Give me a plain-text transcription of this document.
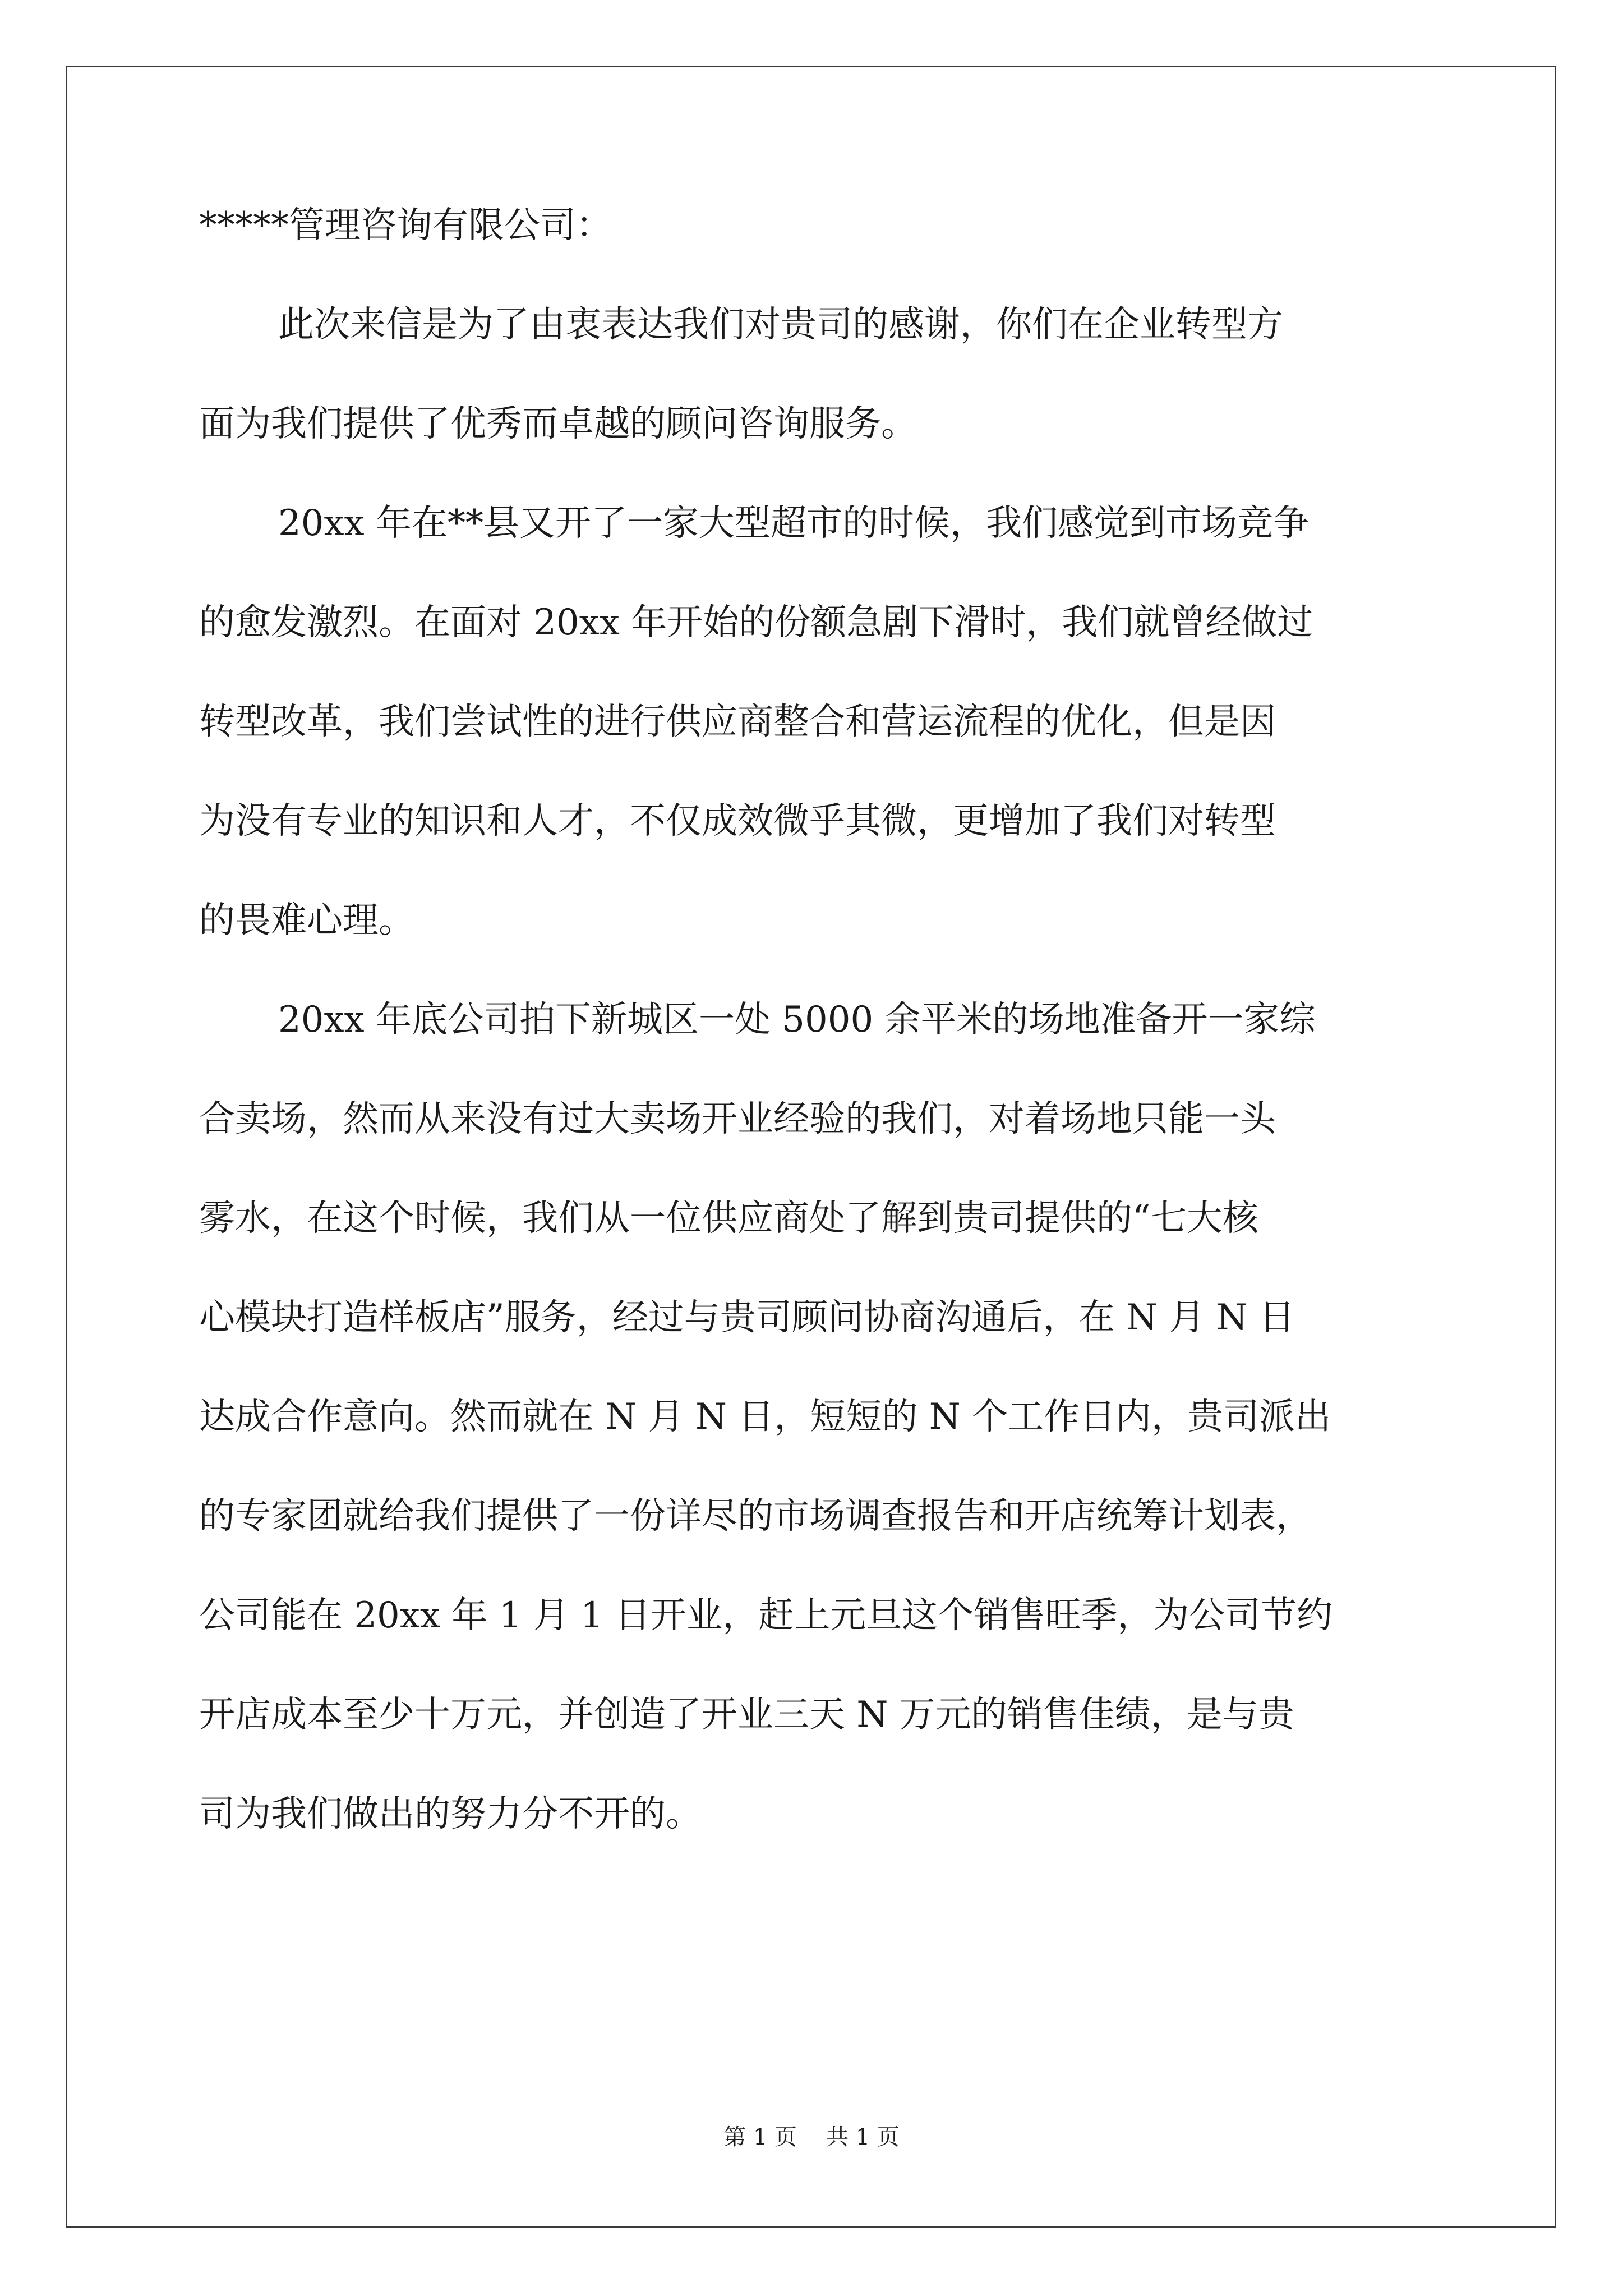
*****管理咨询有限公司：

此次来信是为了由衷表达我们对贵司的感谢，你们在企业转型方

面为我们提供了优秀而卓越的顾问咨询服务。

20xx 年在**县又开了一家大型超市的时候，我们感觉到市场竞争

的愈发激烈。在面对 20xx 年开始的份额急剧下滑时，我们就曾经做过

转型改革，我们尝试性的进行供应商整合和营运流程的优化，但是因

为没有专业的知识和人才，不仅成效微乎其微，更增加了我们对转型

的畏难心理。

20xx 年底公司拍下新城区一处 5000 余平米的场地准备开一家综

合卖场，然而从来没有过大卖场开业经验的我们，对着场地只能一头

雾水，在这个时候，我们从一位供应商处了解到贵司提供的“七大核

心模块打造样板店”服务，经过与贵司顾问协商沟通后，在 N 月 N 日

达成合作意向。然而就在 N 月 N 日，短短的 N 个工作日内，贵司派出

的专家团就给我们提供了一份详尽的市场调查报告和开店统筹计划表，

公司能在 20xx 年 1 月 1 日开业，赶上元旦这个销售旺季，为公司节约

开店成本至少十万元，并创造了开业三天 N 万元的销售佳绩，是与贵

司为我们做出的努力分不开的。

第 1 页 共 1 页
